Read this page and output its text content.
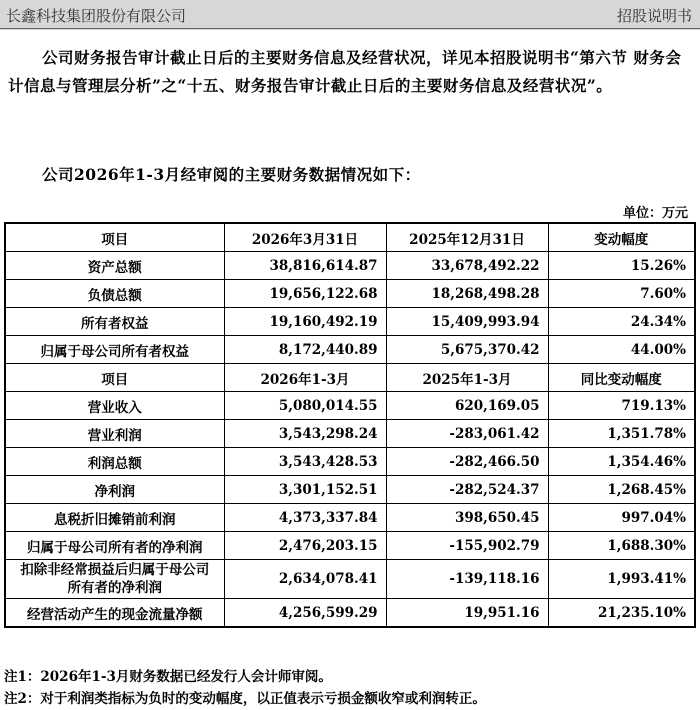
长鑫科技集团股份有限公司	招股说明书
公司财务报告审计截止日后的主要财务信息及经营状况，详见本招股说明书“第六节 财务会计信息与管理层分析”之“十五、财务报告审计截止日后的主要财务信息及经营状况”。
公司2026年1-3月经审阅的主要财务数据情况如下：
单位：万元
项目	2026年3月31日	2025年12月31日	变动幅度
资产总额	38,816,614.87	33,678,492.22	15.26%
负债总额	19,656,122.68	18,268,498.28	7.60%
所有者权益	19,160,492.19	15,409,993.94	24.34%
归属于母公司所有者权益	8,172,440.89	5,675,370.42	44.00%
项目	2026年1-3月	2025年1-3月	同比变动幅度
营业收入	5,080,014.55	620,169.05	719.13%
营业利润	3,543,298.24	-283,061.42	1,351.78%
利润总额	3,543,428.53	-282,466.50	1,354.46%
净利润	3,301,152.51	-282,524.37	1,268.45%
息税折旧摊销前利润	4,373,337.84	398,650.45	997.04%
归属于母公司所有者的净利润	2,476,203.15	-155,902.79	1,688.30%
扣除非经常损益后归属于母公司所有者的净利润	2,634,078.41	-139,118.16	1,993.41%
经营活动产生的现金流量净额	4,256,599.29	19,951.16	21,235.10%
注1：2026年1-3月财务数据已经发行人会计师审阅。
注2：对于利润类指标为负时的变动幅度，以正值表示亏损金额收窄或利润转正。
